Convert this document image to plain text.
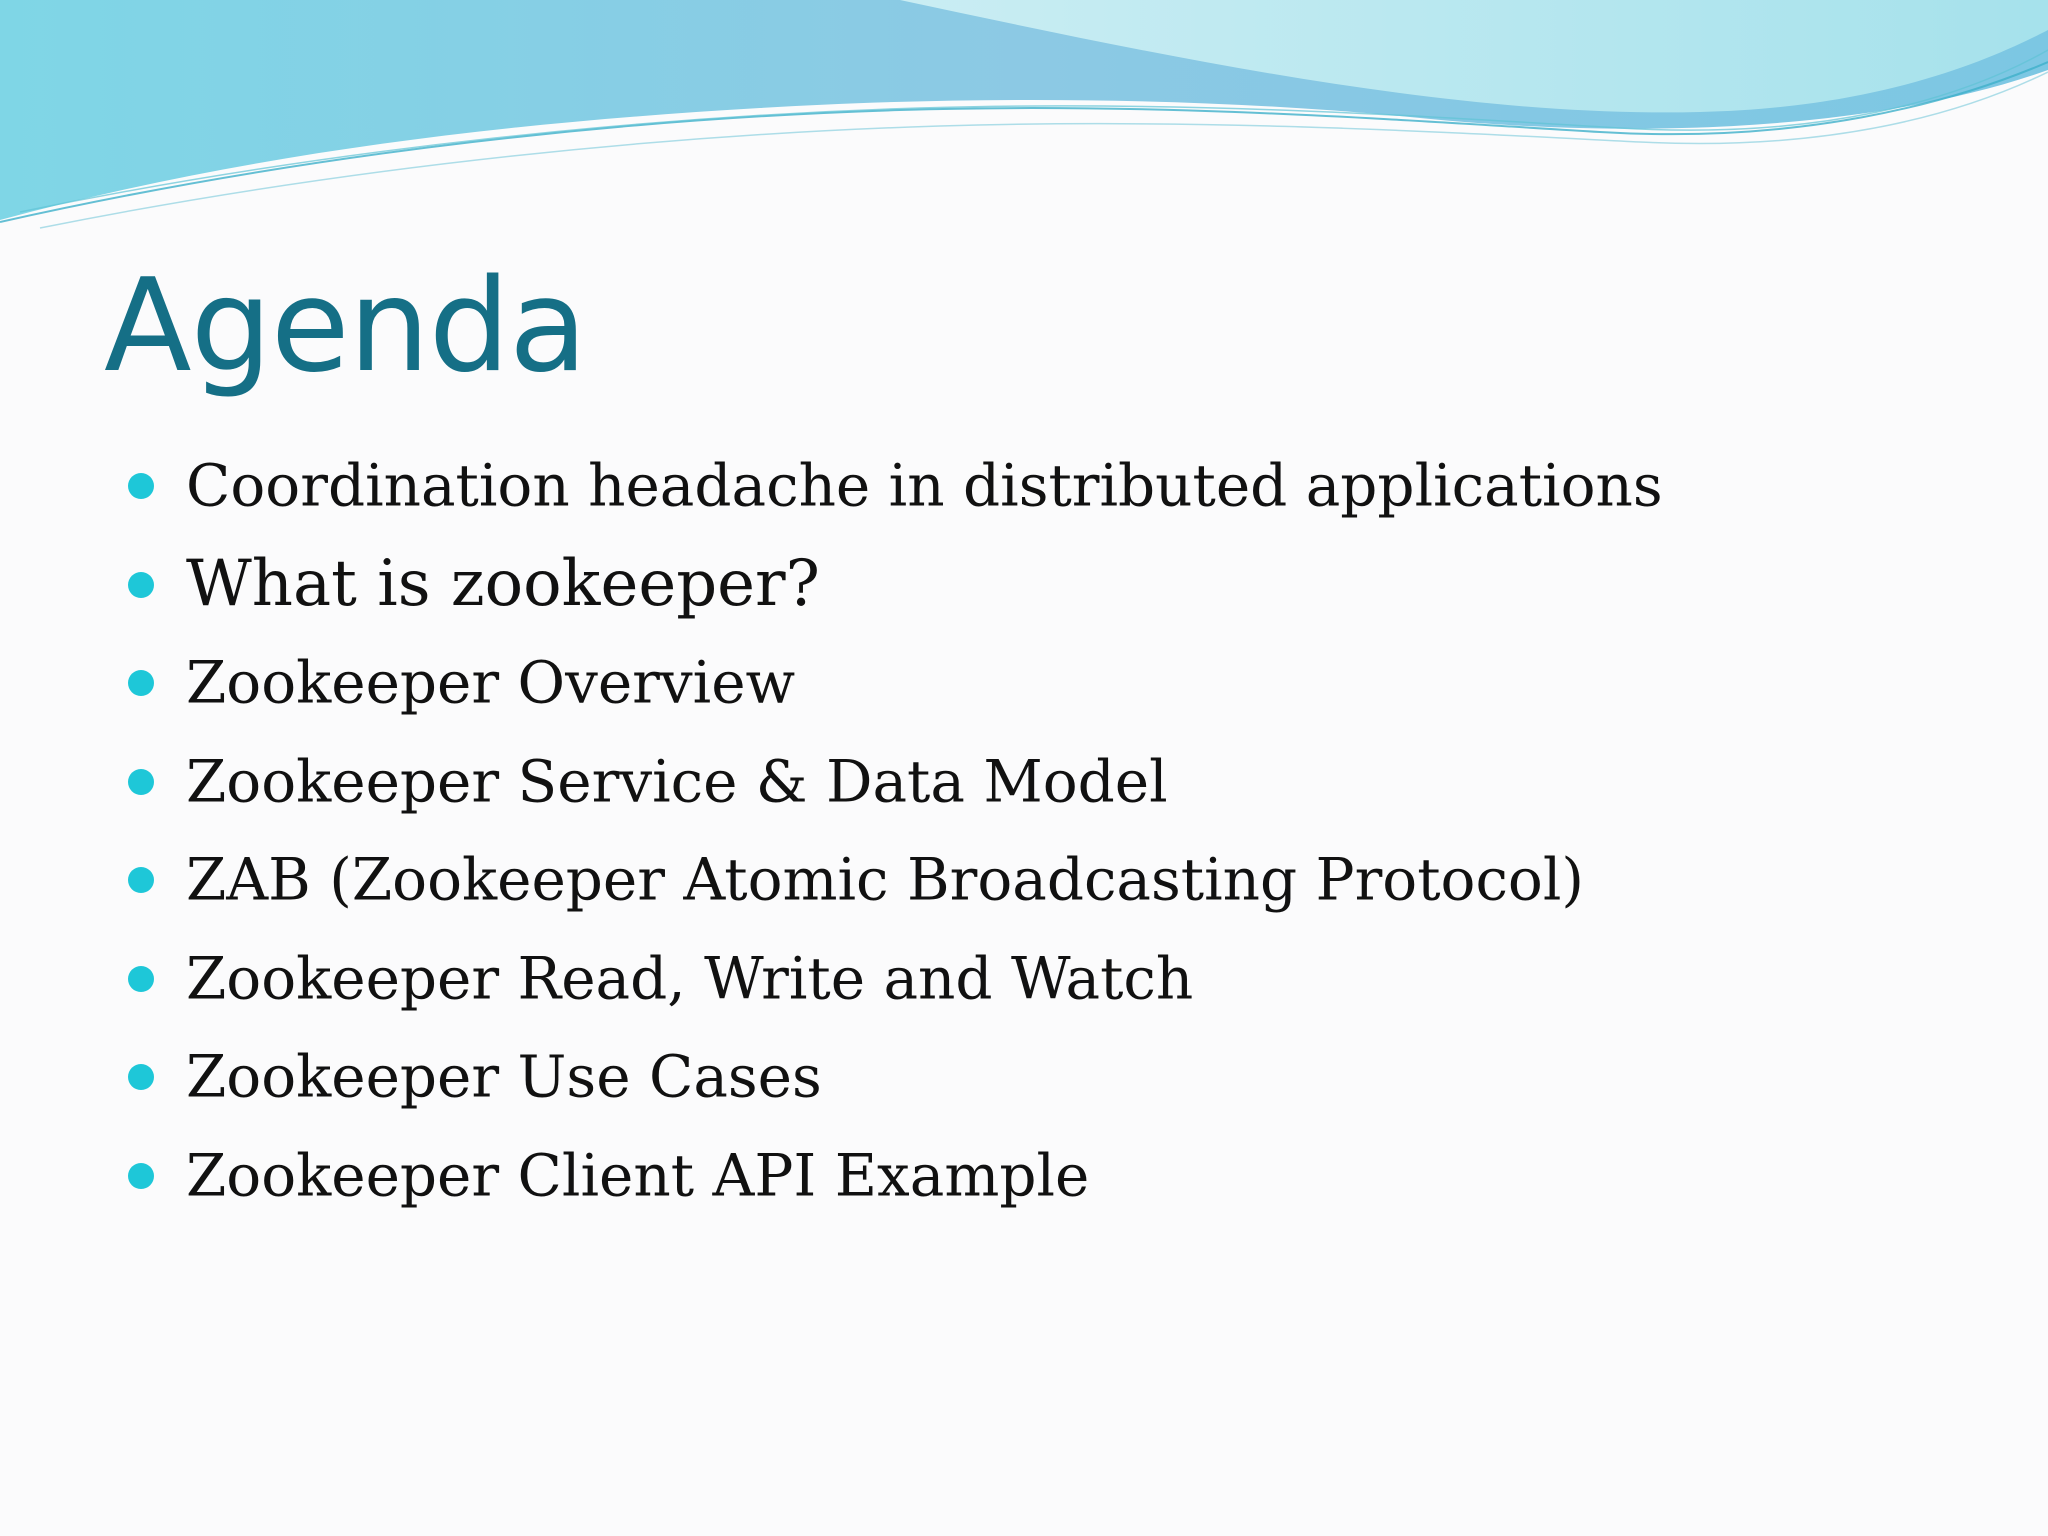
Agenda
Coordination headache in distributed applications
What is zookeeper?
Zookeeper Overview
Zookeeper Service & Data Model
ZAB (Zookeeper Atomic Broadcasting Protocol)
Zookeeper Read, Write and Watch
Zookeeper Use Cases
Zookeeper Client API Example
